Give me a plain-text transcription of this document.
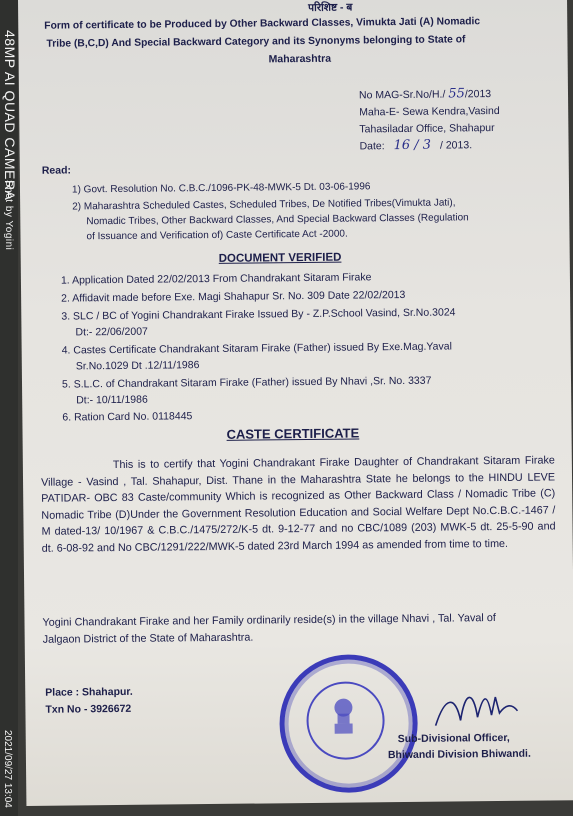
48MP AI QUAD CAMERA
Shot by Yogini
2021/09/27 13:04
परिशिष्ट - ब
Form of certificate to be Produced by Other Backward Classes, Vimukta Jati (A) Nomadic
Tribe (B,C,D) And Special Backward Category and its Synonyms belonging to State of
Maharashtra
No MAG-Sr.No/H./ 55/2013
Maha-E- Sewa Kendra,Vasind
Tahasiladar Office, Shahapur
Date: 16 / 3 / 2013.
Read:
1) Govt. Resolution No. C.B.C./1096-PK-48-MWK-5 Dt. 03-06-1996
2) Maharashtra Scheduled Castes, Scheduled Tribes, De Notified Tribes(Vimukta Jati),
Nomadic Tribes, Other Backward Classes, And Special Backward Classes (Regulation
of Issuance and Verification of) Caste Certificate Act -2000.
DOCUMENT VERIFIED
1. Application Dated 22/02/2013 From Chandrakant Sitaram Firake
2. Affidavit made before Exe. Magi Shahapur Sr. No. 309 Date 22/02/2013
3. SLC / BC of Yogini Chandrakant Firake Issued By - Z.P.School Vasind, Sr.No.3024
Dt:- 22/06/2007
4. Castes Certificate Chandrakant Sitaram Firake (Father) issued By Exe.Mag.Yaval
Sr.No.1029 Dt .12/11/1986
5. S.L.C. of Chandrakant Sitaram Firake (Father) issued By Nhavi ,Sr. No. 3337
Dt:- 10/11/1986
6. Ration Card No. 0118445
CASTE CERTIFICATE
This is to certify that Yogini Chandrakant Firake Daughter of Chandrakant Sitaram Firake Village - Vasind , Tal. Shahapur, Dist. Thane in the Maharashtra State he belongs to the HINDU LEVE PATIDAR- OBC 83 Caste/community Which is recognized as Other Backward Class / Nomadic Tribe (C) Nomadic Tribe (D)Under the Government Resolution Education and Social Welfare Dept No.C.B.C.-1467 / M dated-13/ 10/1967 & C.B.C./1475/272/K-5 dt. 9-12-77 and no CBC/1089 (203) MWK-5 dt. 25-5-90 and dt. 6-08-92 and No CBC/1291/222/MWK-5 dated 23rd March 1994 as amended from time to time.
Yogini Chandrakant Firake and her Family ordinarily reside(s) in the village Nhavi , Tal. Yaval of Jalgaon District of the State of Maharashtra.
Place : Shahapur.
Txn No - 3926672
Sub-Divisional Officer,
Bhiwandi Division Bhiwandi.
